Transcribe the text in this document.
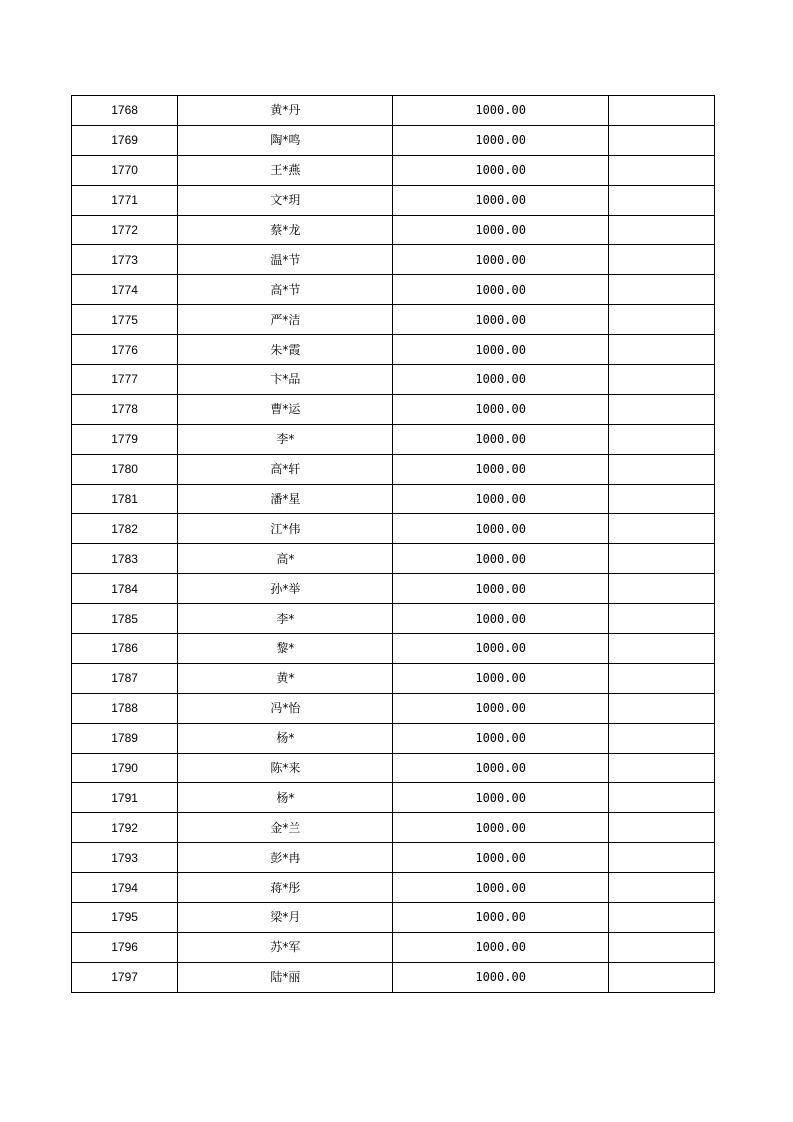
1768	黄*丹	1000.00	
1769	陶*鸣	1000.00	
1770	王*燕	1000.00	
1771	文*玥	1000.00	
1772	蔡*龙	1000.00	
1773	温*节	1000.00	
1774	高*节	1000.00	
1775	严*洁	1000.00	
1776	朱*霞	1000.00	
1777	卞*品	1000.00	
1778	曹*运	1000.00	
1779	李*	1000.00	
1780	高*轩	1000.00	
1781	潘*星	1000.00	
1782	江*伟	1000.00	
1783	高*	1000.00	
1784	孙*举	1000.00	
1785	李*	1000.00	
1786	黎*	1000.00	
1787	黄*	1000.00	
1788	冯*怡	1000.00	
1789	杨*	1000.00	
1790	陈*来	1000.00	
1791	杨*	1000.00	
1792	金*兰	1000.00	
1793	彭*冉	1000.00	
1794	蒋*彤	1000.00	
1795	梁*月	1000.00	
1796	苏*军	1000.00	
1797	陆*丽	1000.00	
